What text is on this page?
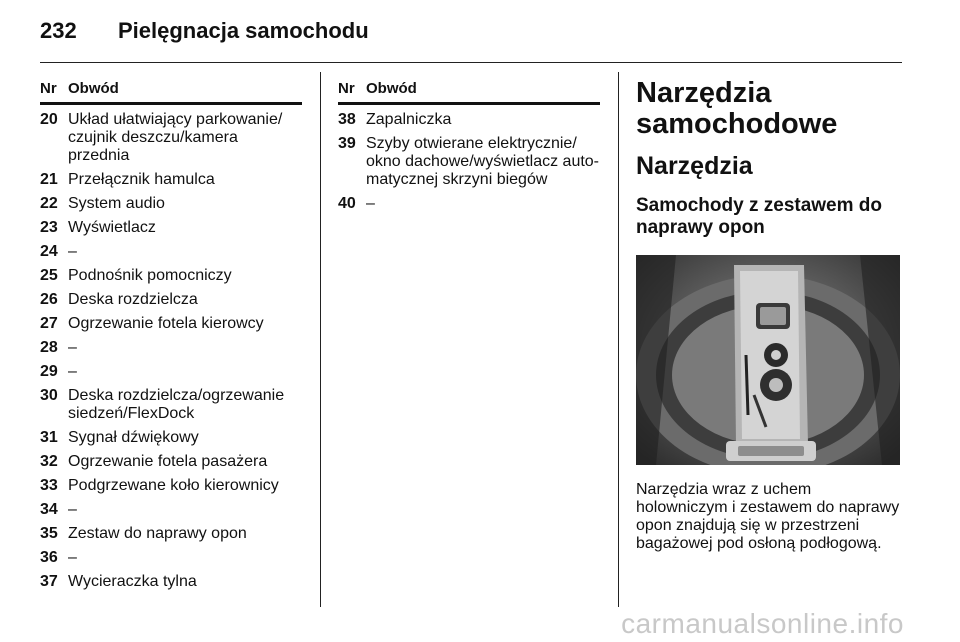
232 Pielęgnacja samochodu
Nr Obwód
20 Układ ułatwiający parkowanie/ czujnik deszczu/kamera przednia
21 Przełącznik hamulca
22 System audio
23 Wyświetlacz
24 –
25 Podnośnik pomocniczy
26 Deska rozdzielcza
27 Ogrzewanie fotela kierowcy
28 –
29 –
30 Deska rozdzielcza/ogrzewanie siedzeń/FlexDock
31 Sygnał dźwiękowy
32 Ogrzewanie fotela pasażera
33 Podgrzewane koło kierownicy
34 –
35 Zestaw do naprawy opon
36 –
37 Wycieraczka tylna
Nr Obwód
38 Zapalniczka
39 Szyby otwierane elektrycznie/ okno dachowe/wyświetlacz auto- matycznej skrzyni biegów
40 –
Narzędzia samochodowe
Narzędzia
Samochody z zestawem do naprawy opon
Narzędzia wraz z uchem holowniczym i zestawem do naprawy opon znajdują się w przestrzeni bagażowej pod osłoną podłogową.
carmanualsonline.info
